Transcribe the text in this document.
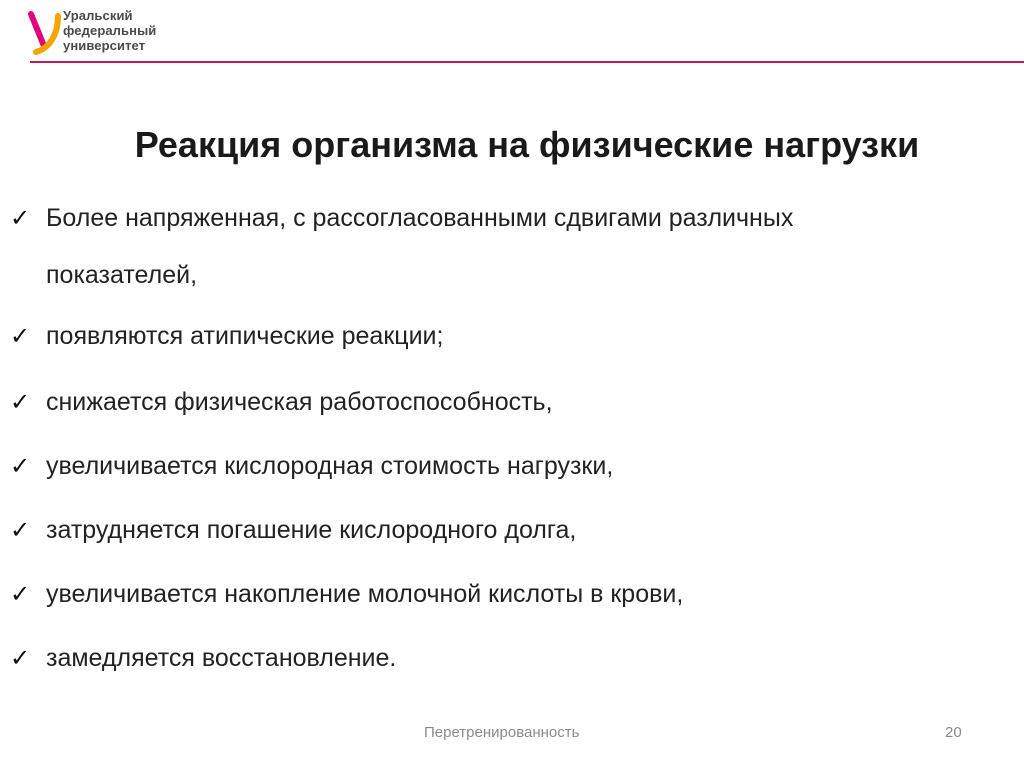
Уральский
федеральный
университет
Реакция организма на физические нагрузки
✓ Более напряженная, с рассогласованными сдвигами различных
показателей,
✓ появляются атипические реакции;
✓ снижается физическая работоспособность,
✓ увеличивается кислородная стоимость нагрузки,
✓ затрудняется погашение кислородного долга,
✓ увеличивается накопление молочной кислоты в крови,
✓ замедляется восстановление.
Перетренированность	20
